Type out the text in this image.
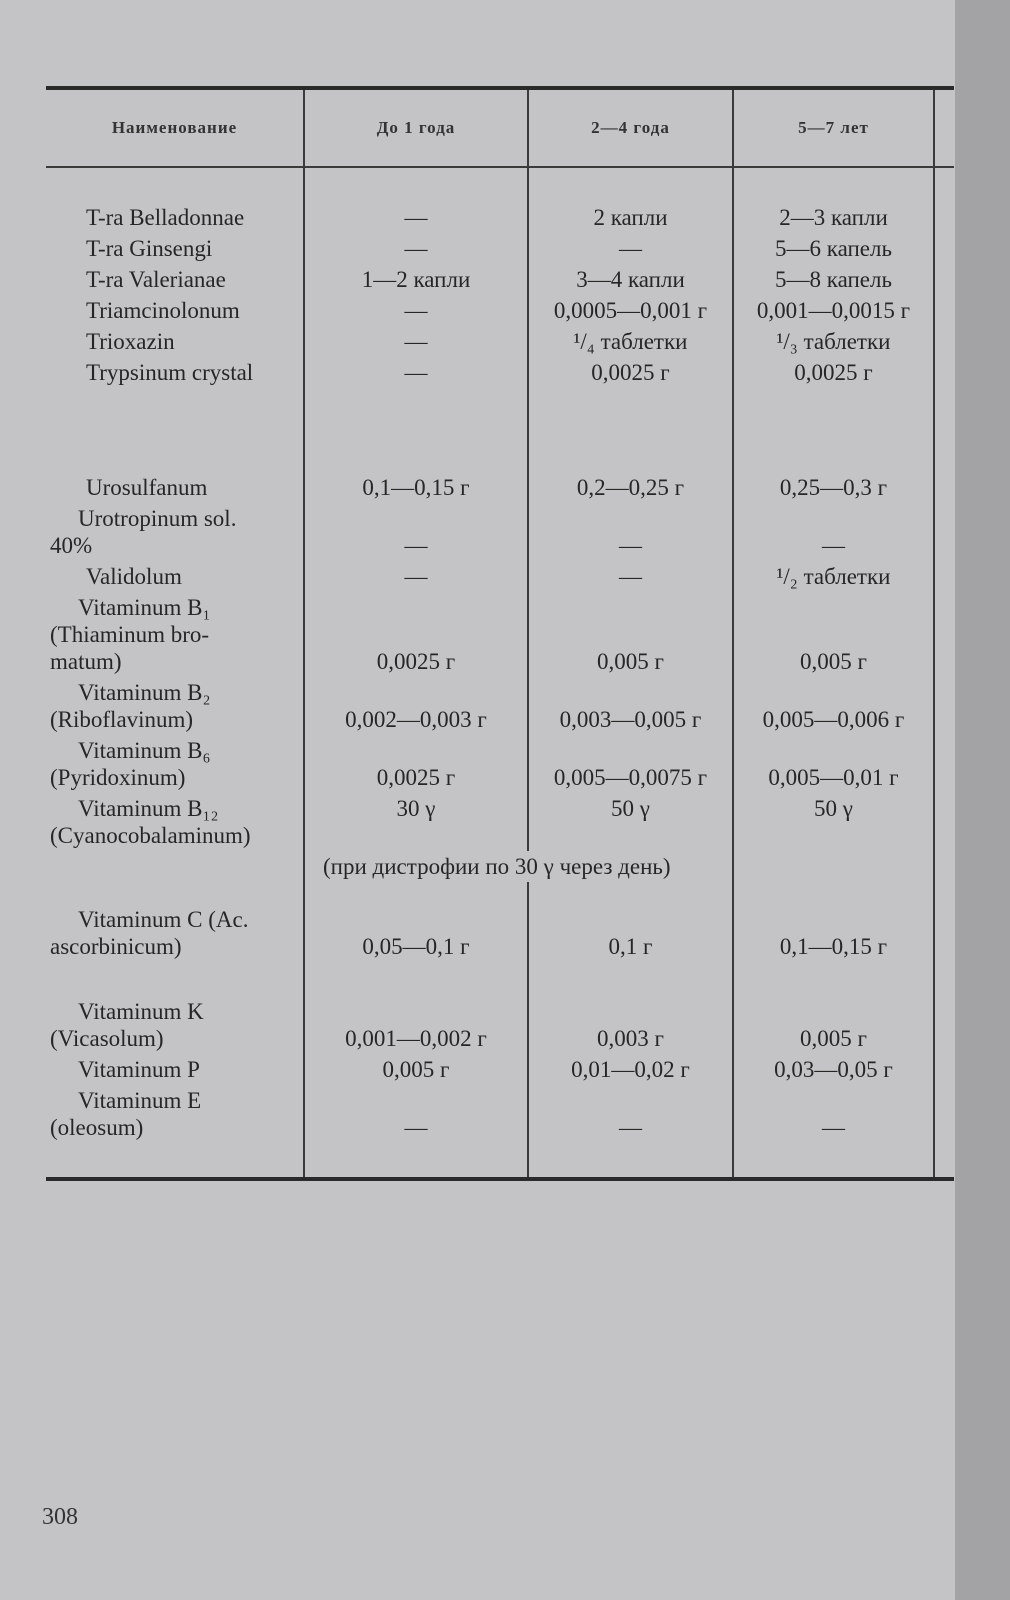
Наименование	До 1 года	2—4 года	5—7 лет	

T-ra Belladonnae	—	2 капли	2—3 капли	
T-ra Ginsengi	—	—	5—6 капель	
T-ra Valerianae	1—2 капли	3—4 капли	5—8 капель	
Triamcinolonum	—	0,0005—0,001 г	0,001—0,0015 г	
Trioxazin	—	¹/₄ таблетки	¹/₃ таблетки	
Trypsinum crystal	—	0,0025 г	0,0025 г	

Urosulfanum	0,1—0,15 г	0,2—0,25 г	0,25—0,3 г	
Urotropinum sol.
40%	—	—	—	
Validolum	—	—	¹/₂ таблетки	
Vitaminum B₁
(Thiaminum bro-
matum)	0,0025 г	0,005 г	0,005 г	
Vitaminum B₂
(Riboflavinum)	0,002—0,003 г	0,003—0,005 г	0,005—0,006 г	
Vitaminum B₆
(Pyridoxinum)	0,0025 г	0,005—0,0075 г	0,005—0,01 г	
Vitaminum B₁₂
(Cyanocobalaminum)	30 γ	50 γ	50 γ	
	(при дистрофии по 30 γ через день)			

Vitaminum C (Ac.
ascorbinicum)	0,05—0,1 г	0,1 г	0,1—0,15 г	

Vitaminum K
(Vicasolum)	0,001—0,002 г	0,003 г	0,005 г	
Vitaminum P	0,005 г	0,01—0,02 г	0,03—0,05 г	
Vitaminum E
(oleosum)	—	—	—	

308
